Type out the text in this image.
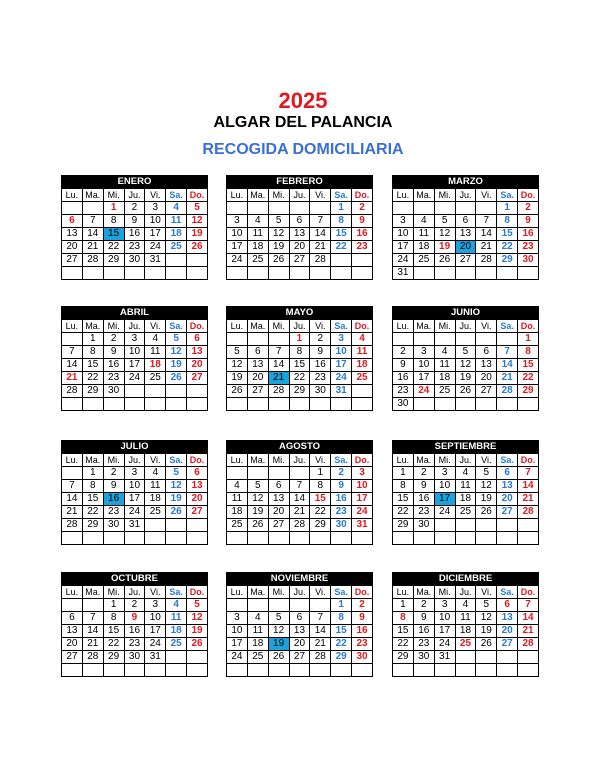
2025
ALGAR DEL PALANCIA
RECOGIDA DOMICILIARIA
ENERO						
Lu.	Ma.	Mi.	Ju.	Vi.	Sa.	Do.
		1	2	3	4	5
6	7	8	9	10	11	12
13	14	15	16	17	18	19
20	21	22	23	24	25	26
27	28	29	30	31		

FEBRERO						
Lu.	Ma.	Mi.	Ju.	Vi.	Sa.	Do.
					1	2
3	4	5	6	7	8	9
10	11	12	13	14	15	16
17	18	19	20	21	22	23
24	25	26	27	28		

MARZO						
Lu.	Ma.	Mi.	Ju.	Vi.	Sa.	Do.
					1	2
3	4	5	6	7	8	9
10	11	12	13	14	15	16
17	18	19	20	21	22	23
24	25	26	27	28	29	30
31						
ABRIL						
Lu.	Ma.	Mi.	Ju.	Vi.	Sa.	Do.
	1	2	3	4	5	6
7	8	9	10	11	12	13
14	15	16	17	18	19	20
21	22	23	24	25	26	27
28	29	30				

MAYO						
Lu.	Ma.	Mi.	Ju.	Vi.	Sa.	Do.
			1	2	3	4
5	6	7	8	9	10	11
12	13	14	15	16	17	18
19	20	21	22	23	24	25
26	27	28	29	30	31	

JUNIO						
Lu.	Ma.	Mi.	Ju.	Vi.	Sa.	Do.
						1
2	3	4	5	6	7	8
9	10	11	12	13	14	15
16	17	18	19	20	21	22
23	24	25	26	27	28	29
30						
JULIO						
Lu.	Ma.	Mi.	Ju.	Vi.	Sa.	Do.
	1	2	3	4	5	6
7	8	9	10	11	12	13
14	15	16	17	18	19	20
21	22	23	24	25	26	27
28	29	30	31			

AGOSTO						
Lu.	Ma.	Mi.	Ju.	Vi.	Sa.	Do.
				1	2	3
4	5	6	7	8	9	10
11	12	13	14	15	16	17
18	19	20	21	22	23	24
25	26	27	28	29	30	31

SEPTIEMBRE						
Lu.	Ma.	Mi.	Ju.	Vi.	Sa.	Do.
1	2	3	4	5	6	7
8	9	10	11	12	13	14
15	16	17	18	19	20	21
22	23	24	25	26	27	28
29	30					

OCTUBRE						
Lu.	Ma.	Mi.	Ju.	Vi.	Sa.	Do.
		1	2	3	4	5
6	7	8	9	10	11	12
13	14	15	16	17	18	19
20	21	22	23	24	25	26
27	28	29	30	31		

NOVIEMBRE						
Lu.	Ma.	Mi.	Ju.	Vi.	Sa.	Do.
					1	2
3	4	5	6	7	8	9
10	11	12	13	14	15	16
17	18	19	20	21	22	23
24	25	26	27	28	29	30

DICIEMBRE						
Lu.	Ma.	Mi.	Ju.	Vi.	Sa.	Do.
1	2	3	4	5	6	7
8	9	10	11	12	13	14
15	16	17	18	19	20	21
22	23	24	25	26	27	28
29	30	31				
